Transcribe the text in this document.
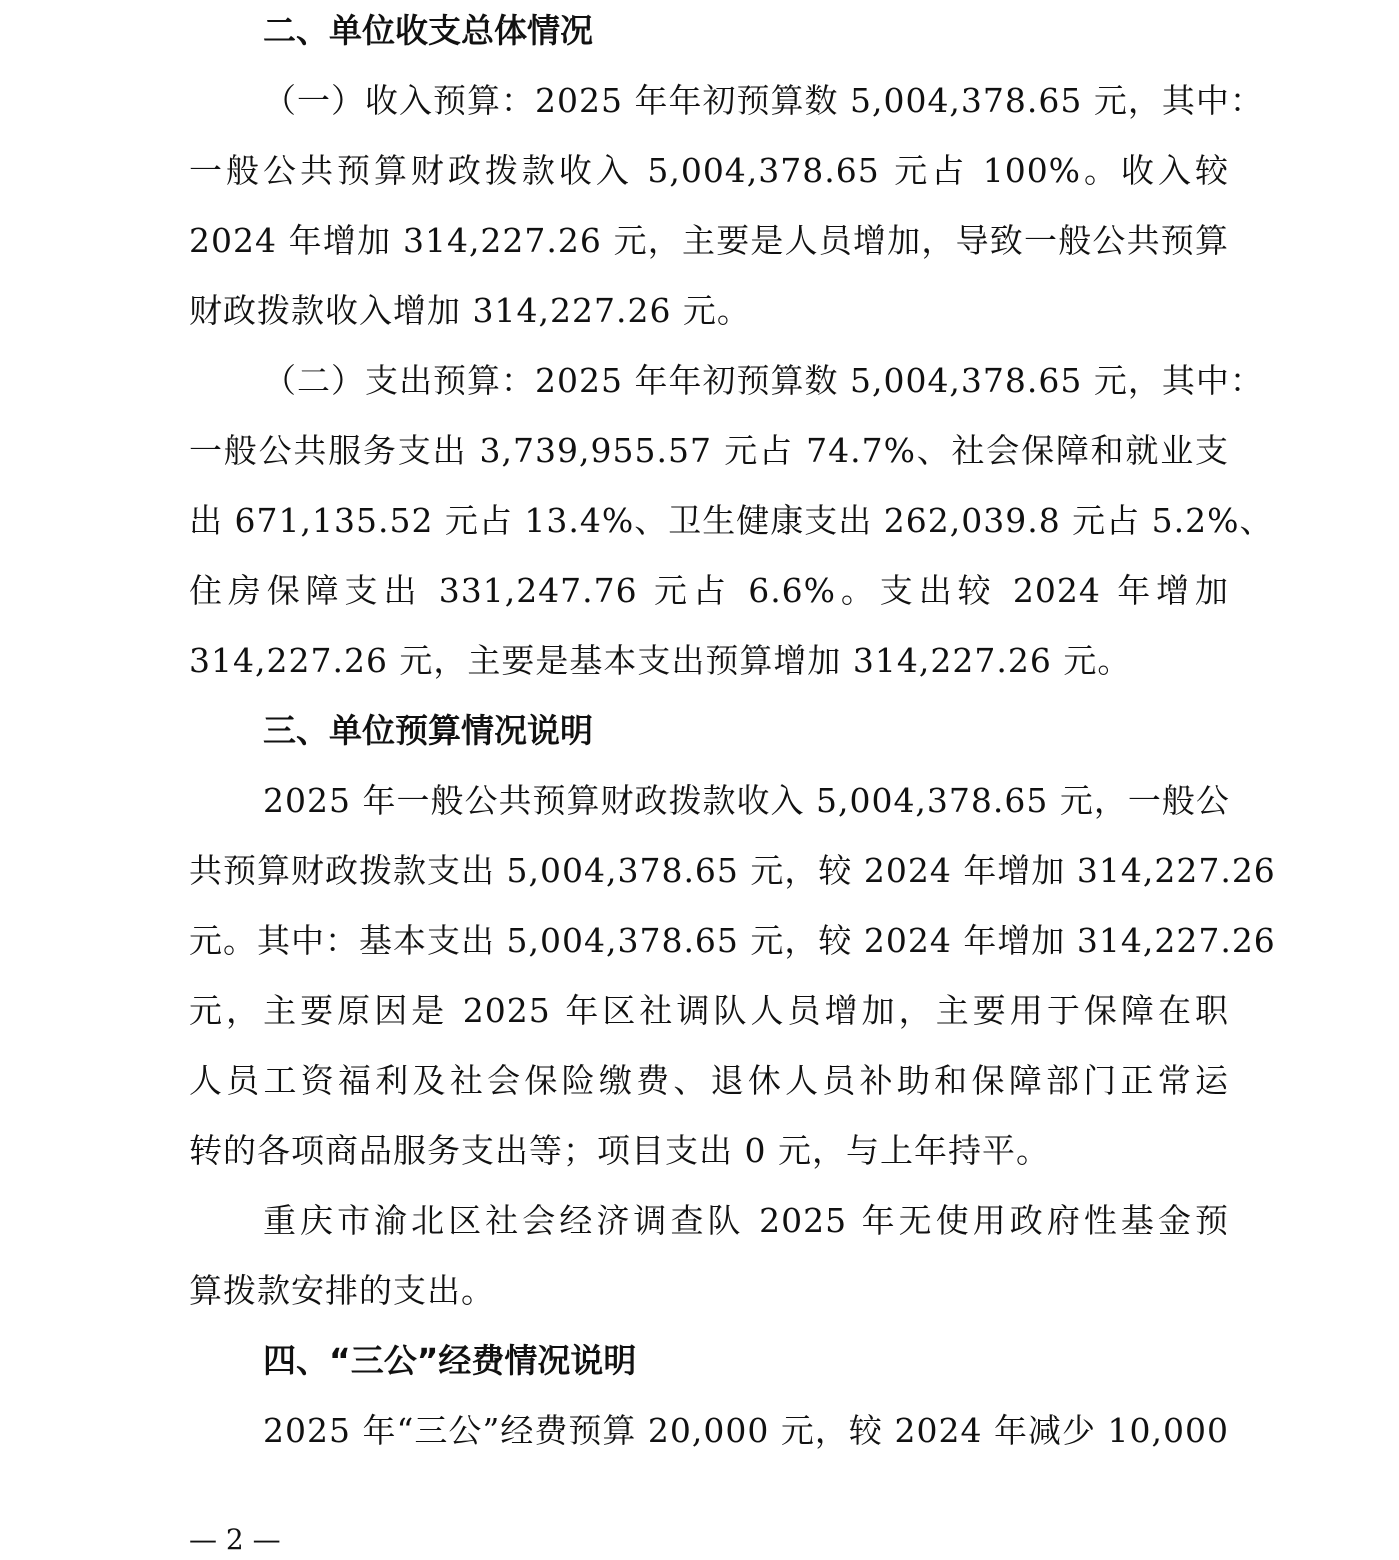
二、单位收支总体情况

（一）收入预算：2025 年年初预算数 5,004,378.65 元，其中：

一般公共预算财政拨款收入 5,004,378.65 元占 100%。收入较

2024 年增加 314,227.26 元，主要是人员增加，导致一般公共预算

财政拨款收入增加 314,227.26 元。

（二）支出预算：2025 年年初预算数 5,004,378.65 元，其中：

一般公共服务支出 3,739,955.57 元占 74.7%、社会保障和就业支

出 671,135.52 元占 13.4%、卫生健康支出 262,039.8 元占 5.2%、

住房保障支出 331,247.76 元占 6.6%。支出较 2024 年增加

314,227.26 元，主要是基本支出预算增加 314,227.26 元。

三、单位预算情况说明

2025 年一般公共预算财政拨款收入 5,004,378.65 元，一般公

共预算财政拨款支出 5,004,378.65 元，较 2024 年增加 314,227.26

元。其中：基本支出 5,004,378.65 元，较 2024 年增加 314,227.26

元，主要原因是 2025 年区社调队人员增加，主要用于保障在职

人员工资福利及社会保险缴费、退休人员补助和保障部门正常运

转的各项商品服务支出等；项目支出 0 元，与上年持平。

重庆市渝北区社会经济调查队 2025 年无使用政府性基金预

算拨款安排的支出。

四、“三公”经费情况说明

2025 年“三公”经费预算 20,000 元，较 2024 年减少 10,000

— 2 —
